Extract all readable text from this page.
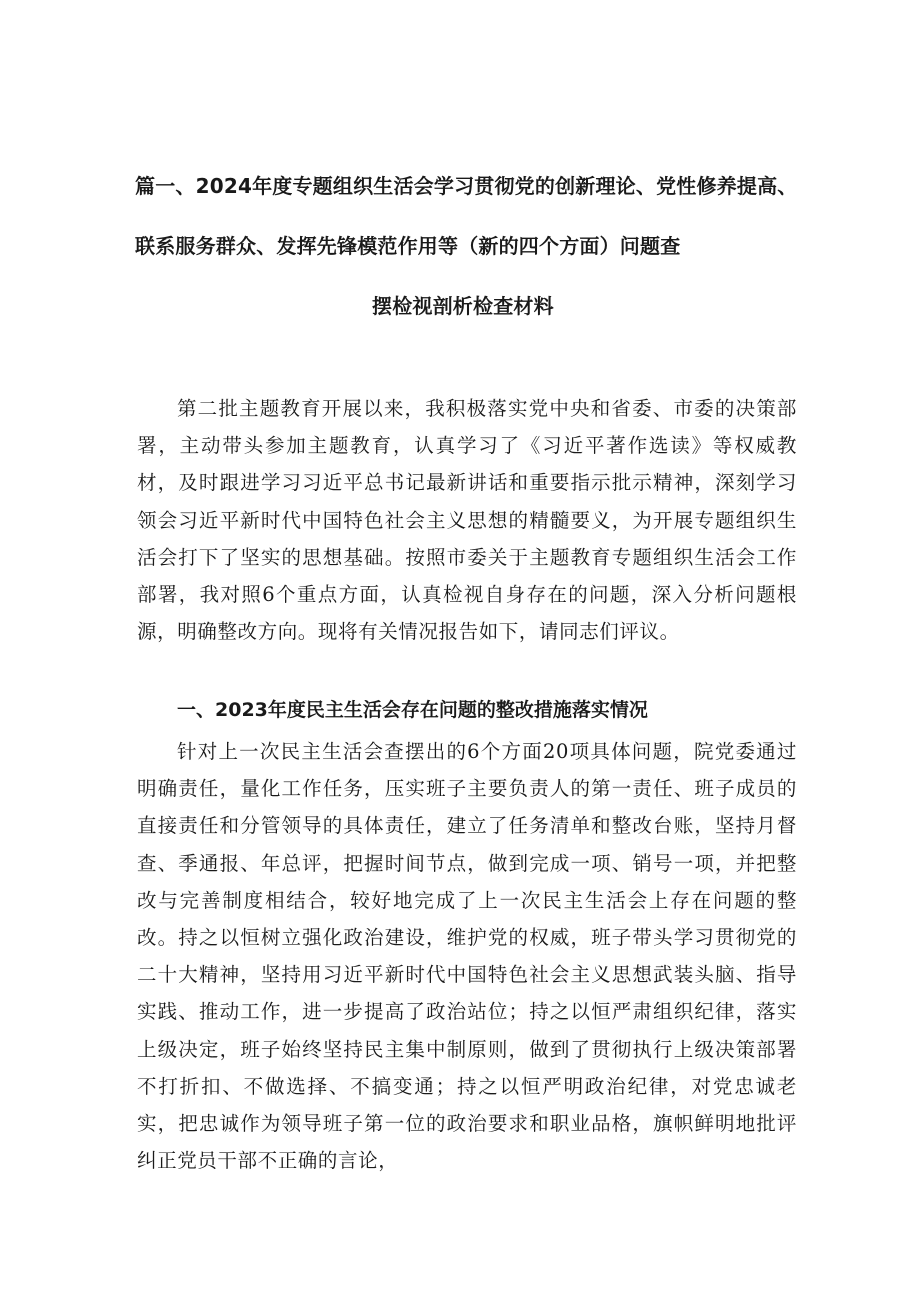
篇一、2024年度专题组织生活会学习贯彻党的创新理论、党性修养提高、
联系服务群众、发挥先锋模范作用等（新的四个方面）问题查
摆检视剖析检查材料

第二批主题教育开展以来，我积极落实党中央和省委、市委的决策部署，主动带头参加主题教育，认真学习了《习近平著作选读》等权威教材，及时跟进学习习近平总书记最新讲话和重要指示批示精神，深刻学习领会习近平新时代中国特色社会主义思想的精髓要义，为开展专题组织生活会打下了坚实的思想基础。按照市委关于主题教育专题组织生活会工作部署，我对照6个重点方面，认真检视自身存在的问题，深入分析问题根源，明确整改方向。现将有关情况报告如下，请同志们评议。

一、2023年度民主生活会存在问题的整改措施落实情况

针对上一次民主生活会查摆出的6个方面20项具体问题，院党委通过明确责任，量化工作任务，压实班子主要负责人的第一责任、班子成员的直接责任和分管领导的具体责任，建立了任务清单和整改台账，坚持月督查、季通报、年总评，把握时间节点，做到完成一项、销号一项，并把整改与完善制度相结合，较好地完成了上一次民主生活会上存在问题的整改。持之以恒树立强化政治建设，维护党的权威，班子带头学习贯彻党的二十大精神，坚持用习近平新时代中国特色社会主义思想武装头脑、指导实践、推动工作，进一步提高了政治站位；持之以恒严肃组织纪律，落实上级决定，班子始终坚持民主集中制原则，做到了贯彻执行上级决策部署不打折扣、不做选择、不搞变通；持之以恒严明政治纪律，对党忠诚老实，把忠诚作为领导班子第一位的政治要求和职业品格，旗帜鲜明地批评纠正党员干部不正确的言论，
